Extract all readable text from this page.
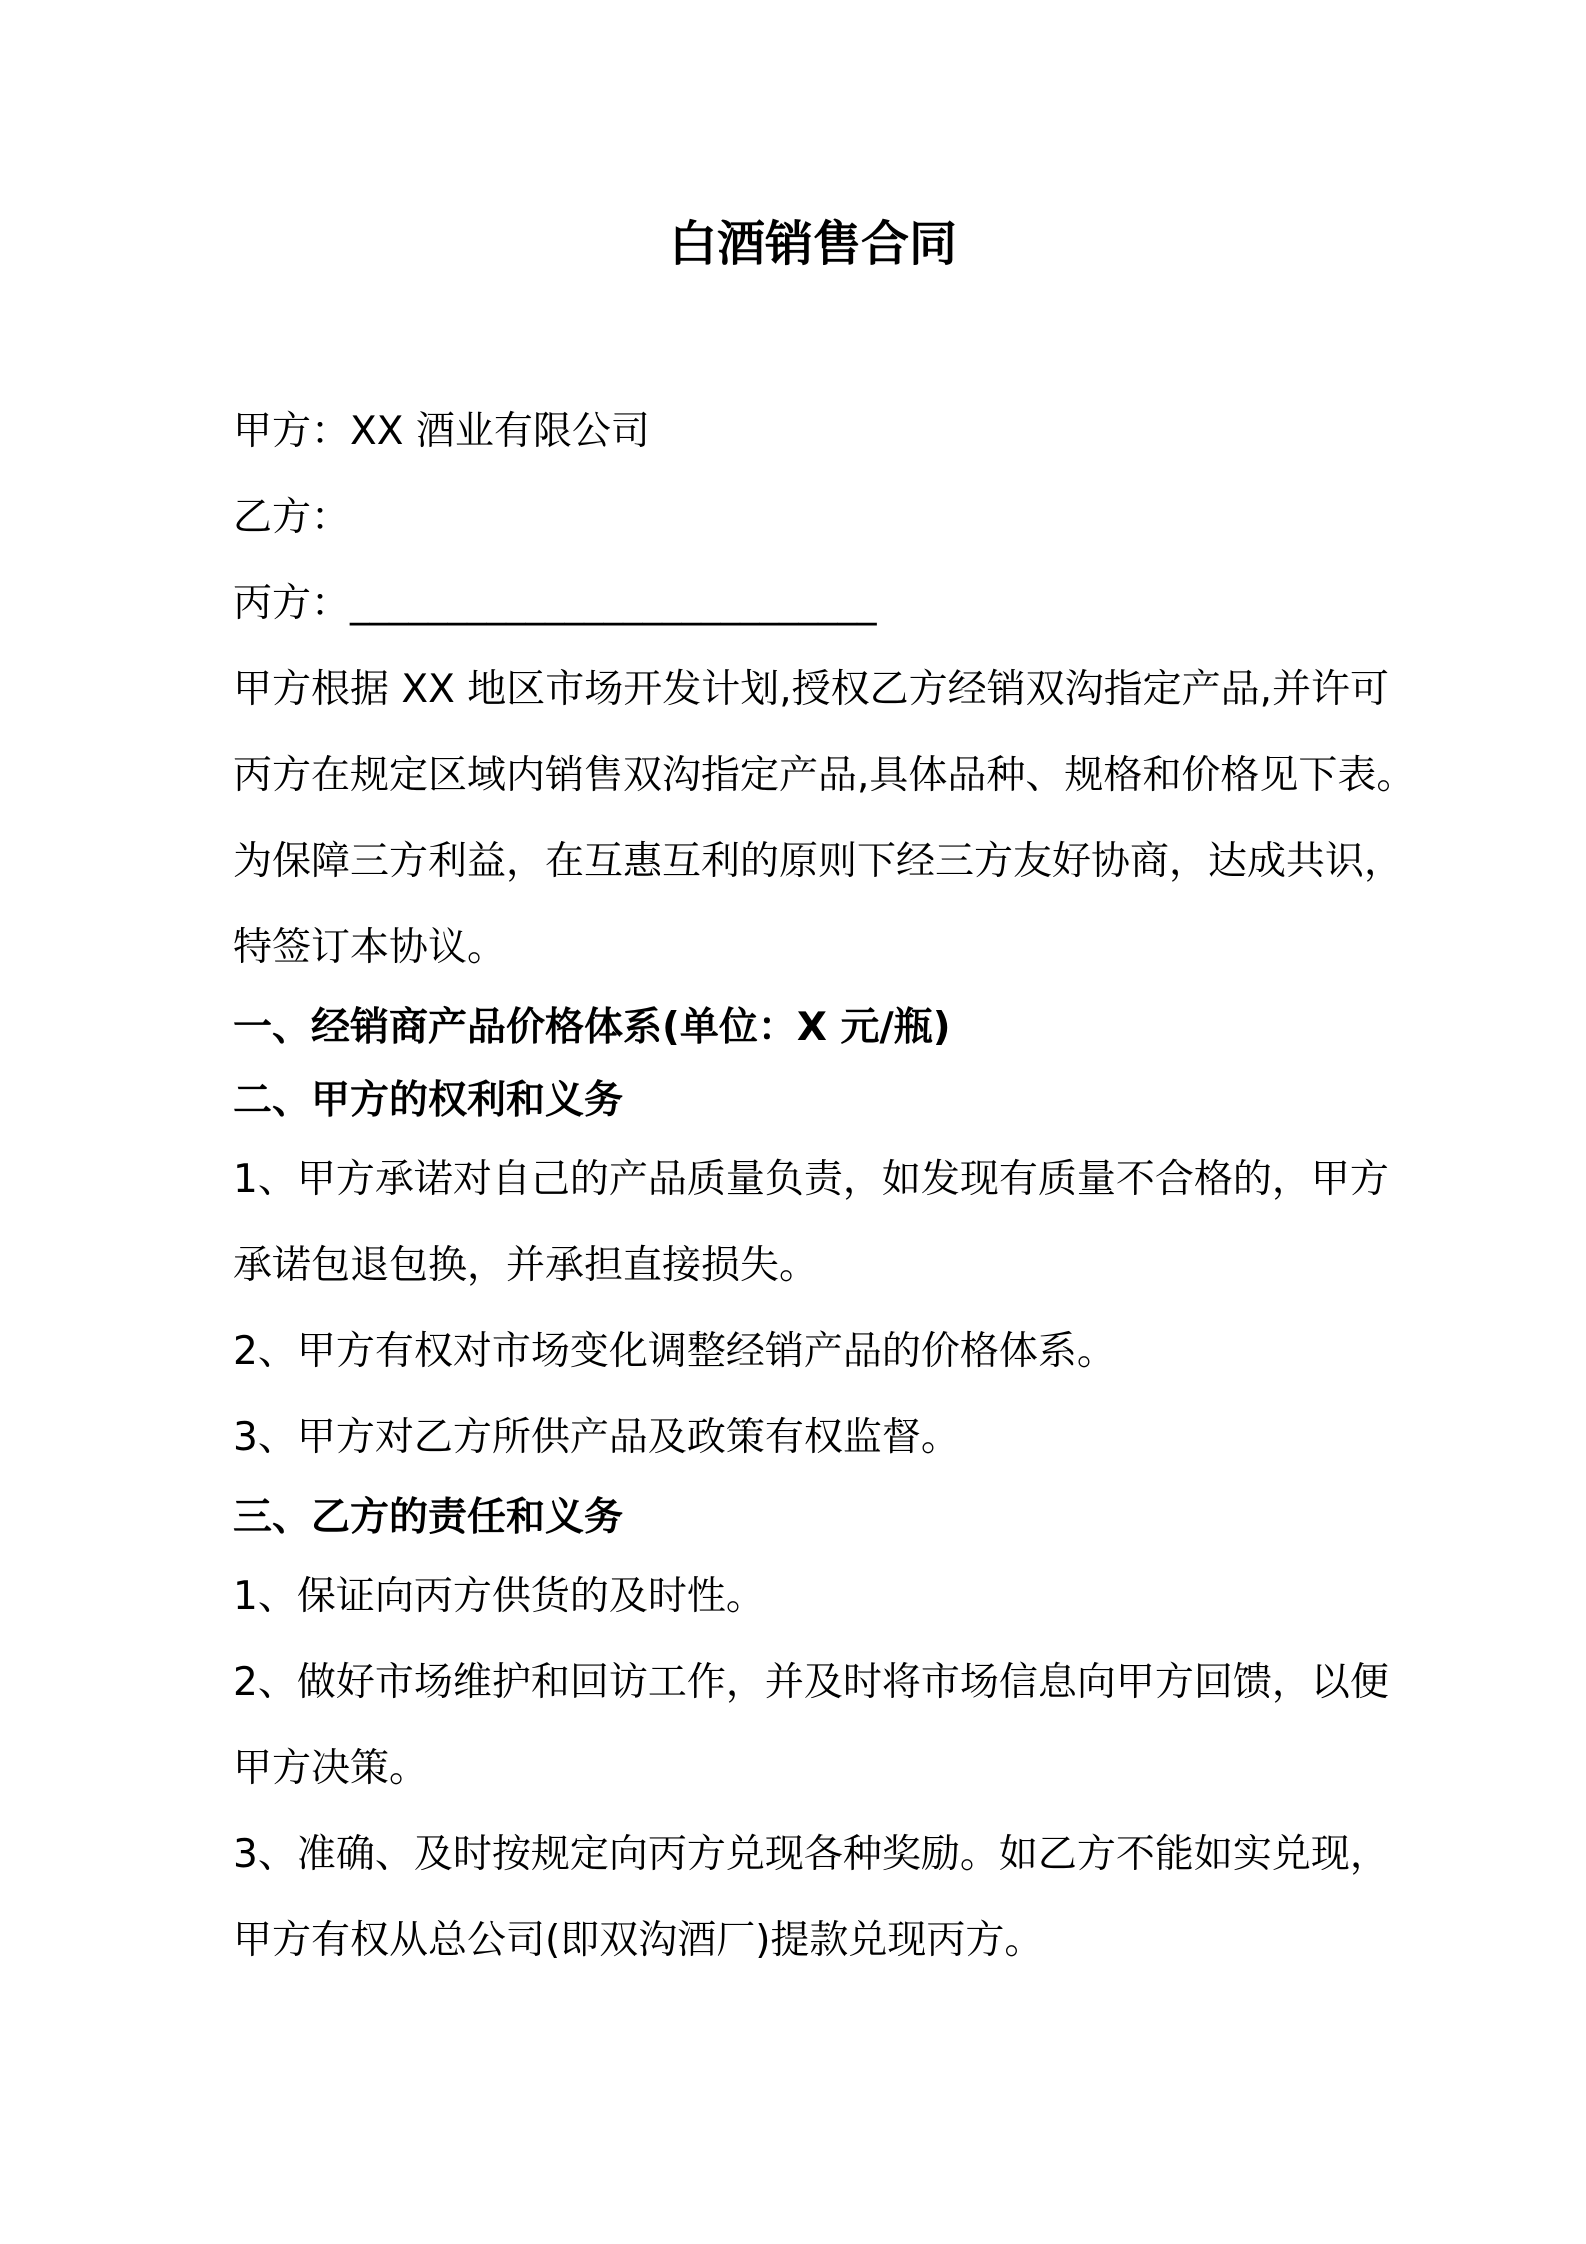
白酒销售合同
甲方：XX 酒业有限公司
乙方：
丙方：___________________________
甲方根据 XX 地区市场开发计划,授权乙方经销双沟指定产品,并许可
丙方在规定区域内销售双沟指定产品,具体品种、规格和价格见下表。
为保障三方利益，在互惠互利的原则下经三方友好协商，达成共识，
特签订本协议。
一、经销商产品价格体系(单位：X 元/瓶)
二、甲方的权利和义务
1、甲方承诺对自己的产品质量负责，如发现有质量不合格的，甲方
承诺包退包换，并承担直接损失。
2、甲方有权对市场变化调整经销产品的价格体系。
3、甲方对乙方所供产品及政策有权监督。
三、乙方的责任和义务
1、保证向丙方供货的及时性。
2、做好市场维护和回访工作，并及时将市场信息向甲方回馈，以便
甲方决策。
3、准确、及时按规定向丙方兑现各种奖励。如乙方不能如实兑现，
甲方有权从总公司(即双沟酒厂)提款兑现丙方。
